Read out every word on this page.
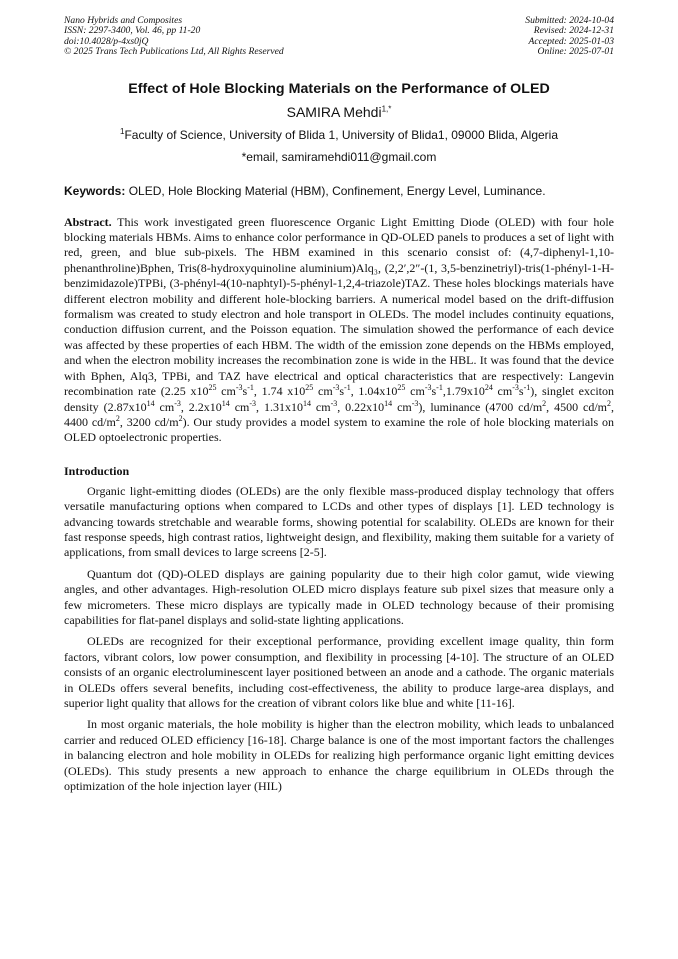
Nano Hybrids and Composites
ISSN: 2297-3400, Vol. 46, pp 11-20
doi:10.4028/p-4xs0jQ
© 2025 Trans Tech Publications Ltd, All Rights Reserved
Submitted: 2024-10-04
Revised: 2024-12-31
Accepted: 2025-01-03
Online: 2025-07-01
Effect of Hole Blocking Materials on the Performance of OLED
SAMIRA Mehdi$^{1,*}$
$^1$Faculty of Science, University of Blida 1, University of Blida1, 09000 Blida, Algeria
*email, samiramehdi011@gmail.com
Keywords: OLED, Hole Blocking Material (HBM), Confinement, Energy Level, Luminance.
Abstract. This work investigated green fluorescence Organic Light Emitting Diode (OLED) with four hole blocking materials HBMs. Aims to enhance color performance in QD-OLED panels to produces a set of light with red, green, and blue sub-pixels. The HBM examined in this scenario consist of: (4,7-diphenyl-1,10-phenanthroline)Bphen, Tris(8-hydroxyquinoline aluminium)Alq₃, (2,2′,2″-(1, 3,5-benzinetriyl)-tris(1-phényl-1-H-benzimidazole)TPBi, (3-phényl-4(10-naphtyl)-5-phényl-1,2,4-triazole)TAZ. These holes blockings materials have different electron mobility and different hole-blocking barriers. A numerical model based on the drift-diffusion formalism was created to study electron and hole transport in OLEDs. The model includes continuity equations, conduction diffusion current, and the Poisson equation. The simulation showed the performance of each device was affected by these properties of each HBM. The width of the emission zone depends on the HBMs employed, and when the electron mobility increases the recombination zone is wide in the HBL. It was found that the device with Bphen, Alq3, TPBi, and TAZ have electrical and optical characteristics that are respectively: Langevin recombination rate (2.25 $x10^{25}$ $cm^{-3}s^{-1}$, 1.74 $x10^{25}$ $cm^{-3}s^{-1}$, $1.04x10^{25}$ $cm^{-3}s^{-1},1.79x10^{24}$ $cm^{-3}s^{-1}$), singlet exciton density ($2.87x10^{14}$ $cm^{-3}$, $2.2x10^{14}$ $cm^{-3}$, $1.31x10^{14}$ $cm^{-3}$, $0.22x10^{14}$ $cm^{-3}$), luminance (4700 $cd/m^2$, 4500 $cd/m^2$, 4400 $cd/m^2$, 3200 $cd/m^2$). Our study provides a model system to examine the role of hole blocking materials on OLED optoelectronic properties.
Introduction

Organic light-emitting diodes (OLEDs) are the only flexible mass-produced display technology that offers versatile manufacturing options when compared to LCDs and other types of displays [1]. LED technology is advancing towards stretchable and wearable forms, showing potential for scalability. OLEDs are known for their fast response speeds, high contrast ratios, lightweight design, and flexibility, making them suitable for a variety of applications, from small devices to large screens [2-5].

Quantum dot (QD)-OLED displays are gaining popularity due to their high color gamut, wide viewing angles, and other advantages. High-resolution OLED micro displays feature sub pixel sizes that measure only a few micrometers. These micro displays are typically made in OLED technology because of their promising capabilities for flat-panel displays and solid-state lighting applications.

OLEDs are recognized for their exceptional performance, providing excellent image quality, thin form factors, vibrant colors, low power consumption, and flexibility in processing [4-10]. The structure of an OLED consists of an organic electroluminescent layer positioned between an anode and a cathode. The organic materials in OLEDs offers several benefits, including cost-effectiveness, the ability to produce large-area displays, and superior light quality that allows for the creation of vibrant colors like blue and white [11-16].

In most organic materials, the hole mobility is higher than the electron mobility, which leads to unbalanced carrier and reduced OLED efficiency [16-18]. Charge balance is one of the most important factors the challenges in balancing electron and hole mobility in OLEDs for realizing high performance organic light emitting devices (OLEDs). This study presents a new approach to enhance the charge equilibrium in OLEDs through the optimization of the hole injection layer (HIL)
